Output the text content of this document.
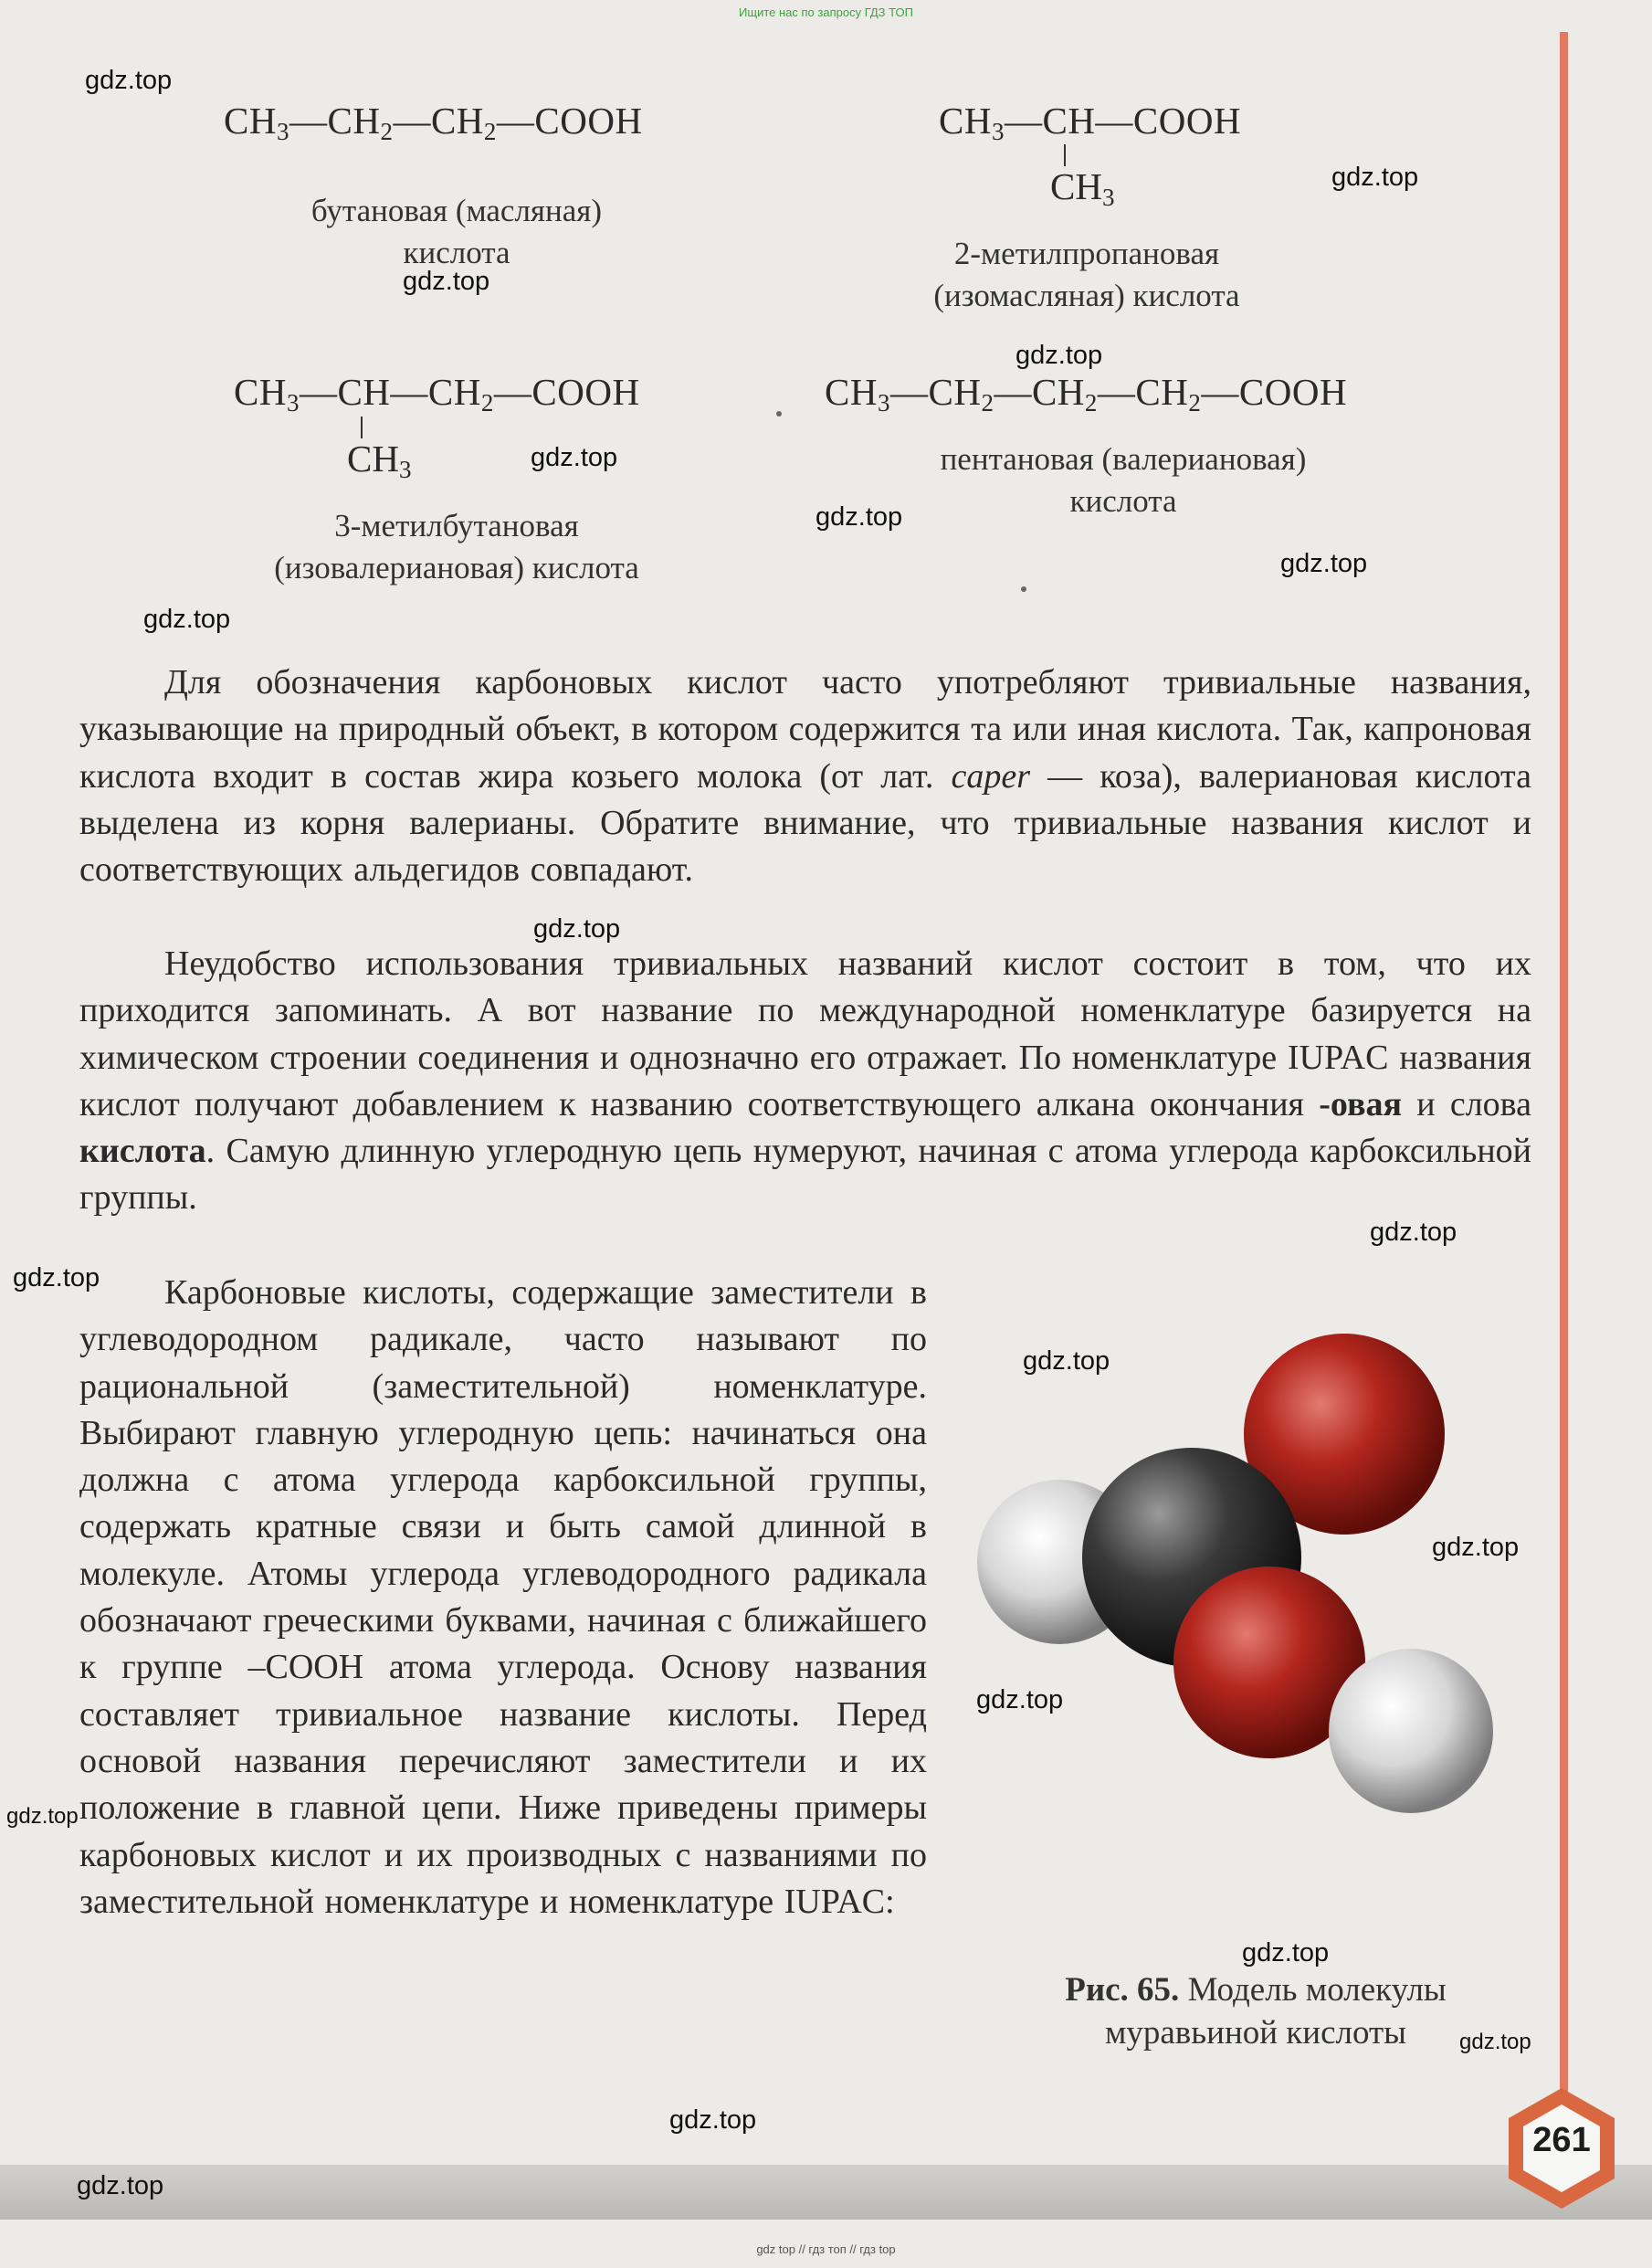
Ищите нас по запросу ГДЗ ТОП
$CH_3—CH_2—CH_2—COOH$
бутановая (масляная)
кислота
$CH_3—CH—COOH$
$CH_3$
2-метилпропановая
(изомасляная) кислота
$CH_3—CH—CH_2—COOH$
$CH_3$
3-метилбутановая
(изовалериановая) кислота
$CH_3—CH_2—CH_2—CH_2—COOH$
пентановая (валериановая)
кислота
Для обозначения карбоновых кислот часто употребляют тривиальные названия, указывающие на природный объект, в котором содержится та или иная кислота. Так, капроновая кислота входит в состав жира козьего молока (от лат. caper — коза), валериановая кислота выделена из корня валерианы. Обратите внимание, что тривиальные названия кислот и соответствующих альдегидов совпадают.
Неудобство использования тривиальных названий кислот состоит в том, что их приходится запоминать. А вот название по международной номенклатуре базируется на химическом строении соединения и однозначно его отражает. По номенклатуре IUPAC названия кислот получают добавлением к названию соответствующего алкана окончания -овая и слова кислота. Самую длинную углеродную цепь нумеруют, начиная с атома углерода карбоксильной группы.
Карбоновые кислоты, содержащие заместители в углеводородном радикале, часто называют по рациональной (заместительной) номенклатуре. Выбирают главную углеродную цепь: начинаться она должна с атома углерода карбоксильной группы, содержать кратные связи и быть самой длинной в молекуле. Атомы углерода углеводородного радикала обозначают греческими буквами, начиная с ближайшего к группе –СООН атома углерода. Основу названия составляет тривиальное название кислоты. Перед основой названия перечисляют заместители и их положение в главной цепи. Ниже приведены примеры карбоновых кислот и их производных с названиями по заместительной номенклатуре и номенклатуре IUPAC:
Рис. 65. Модель молекулы
муравьиной кислоты
261
gdz.top
gdz.top
gdz.top
gdz.top
gdz.top
gdz.top
gdz.top
gdz.top
gdz.top
gdz.top
gdz.top
gdz.top
gdz.top
gdz.top
gdz.top
gdz.top
gdz.top
gdz.top
gdz.top
gdz top // гдз топ // гдз top
